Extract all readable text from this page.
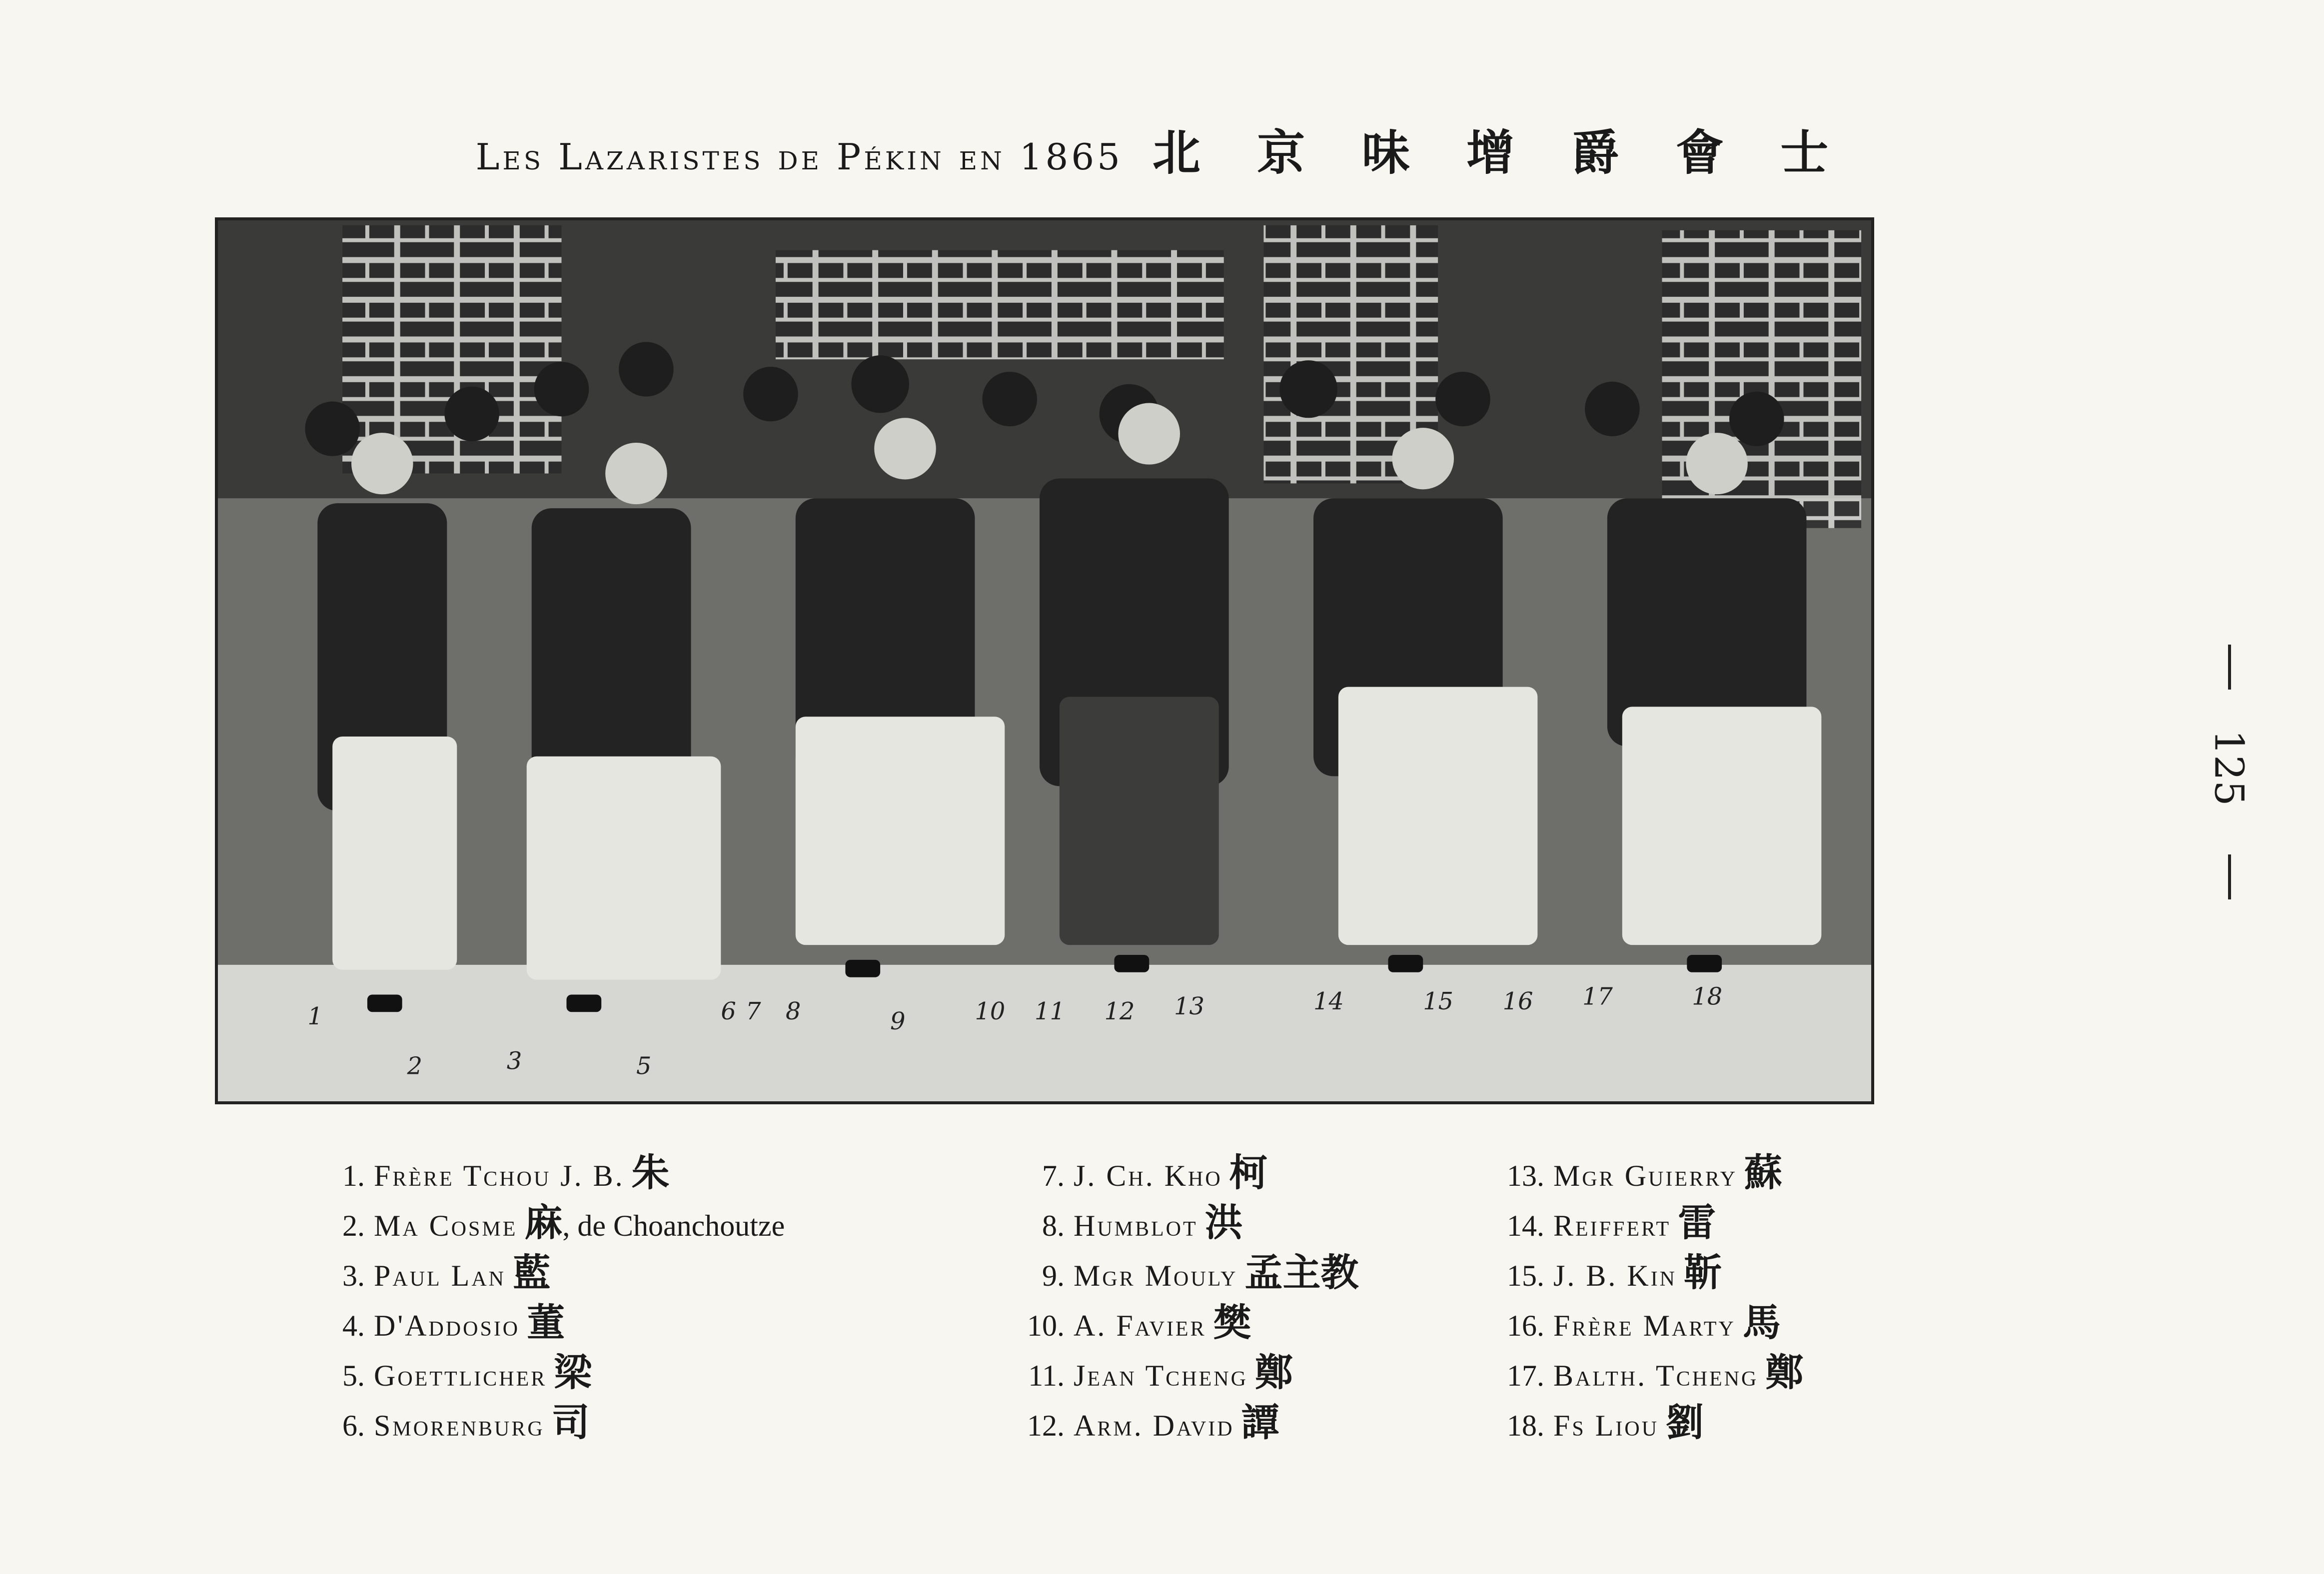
Les Lazaristes de Pékin en 1865 北 京 味 增 爵 會 士
1
2	3	5
6 7 8	9	10 11 12 13	14	15 16 17	18
1. Frère Tchou J. B. 朱
2. Ma Cosme 麻, de Choanchoutze
3. Paul Lan 藍
4. D'Addosio 董
5. Goettlicher 梁
6. Smorenburg 司
7. J. Ch. Kho 柯
8. Humblot 洪
9. Mgr Mouly 孟主教
10. A. Favier 樊
11. Jean Tcheng 鄭
12. Arm. David 譚
13. Mgr Guierry 蘇
14. Reiffert 雷
15. J. B. Kin 靳
16. Frère Marty 馬
17. Balth. Tcheng 鄭
18. Fs Liou 劉
125
